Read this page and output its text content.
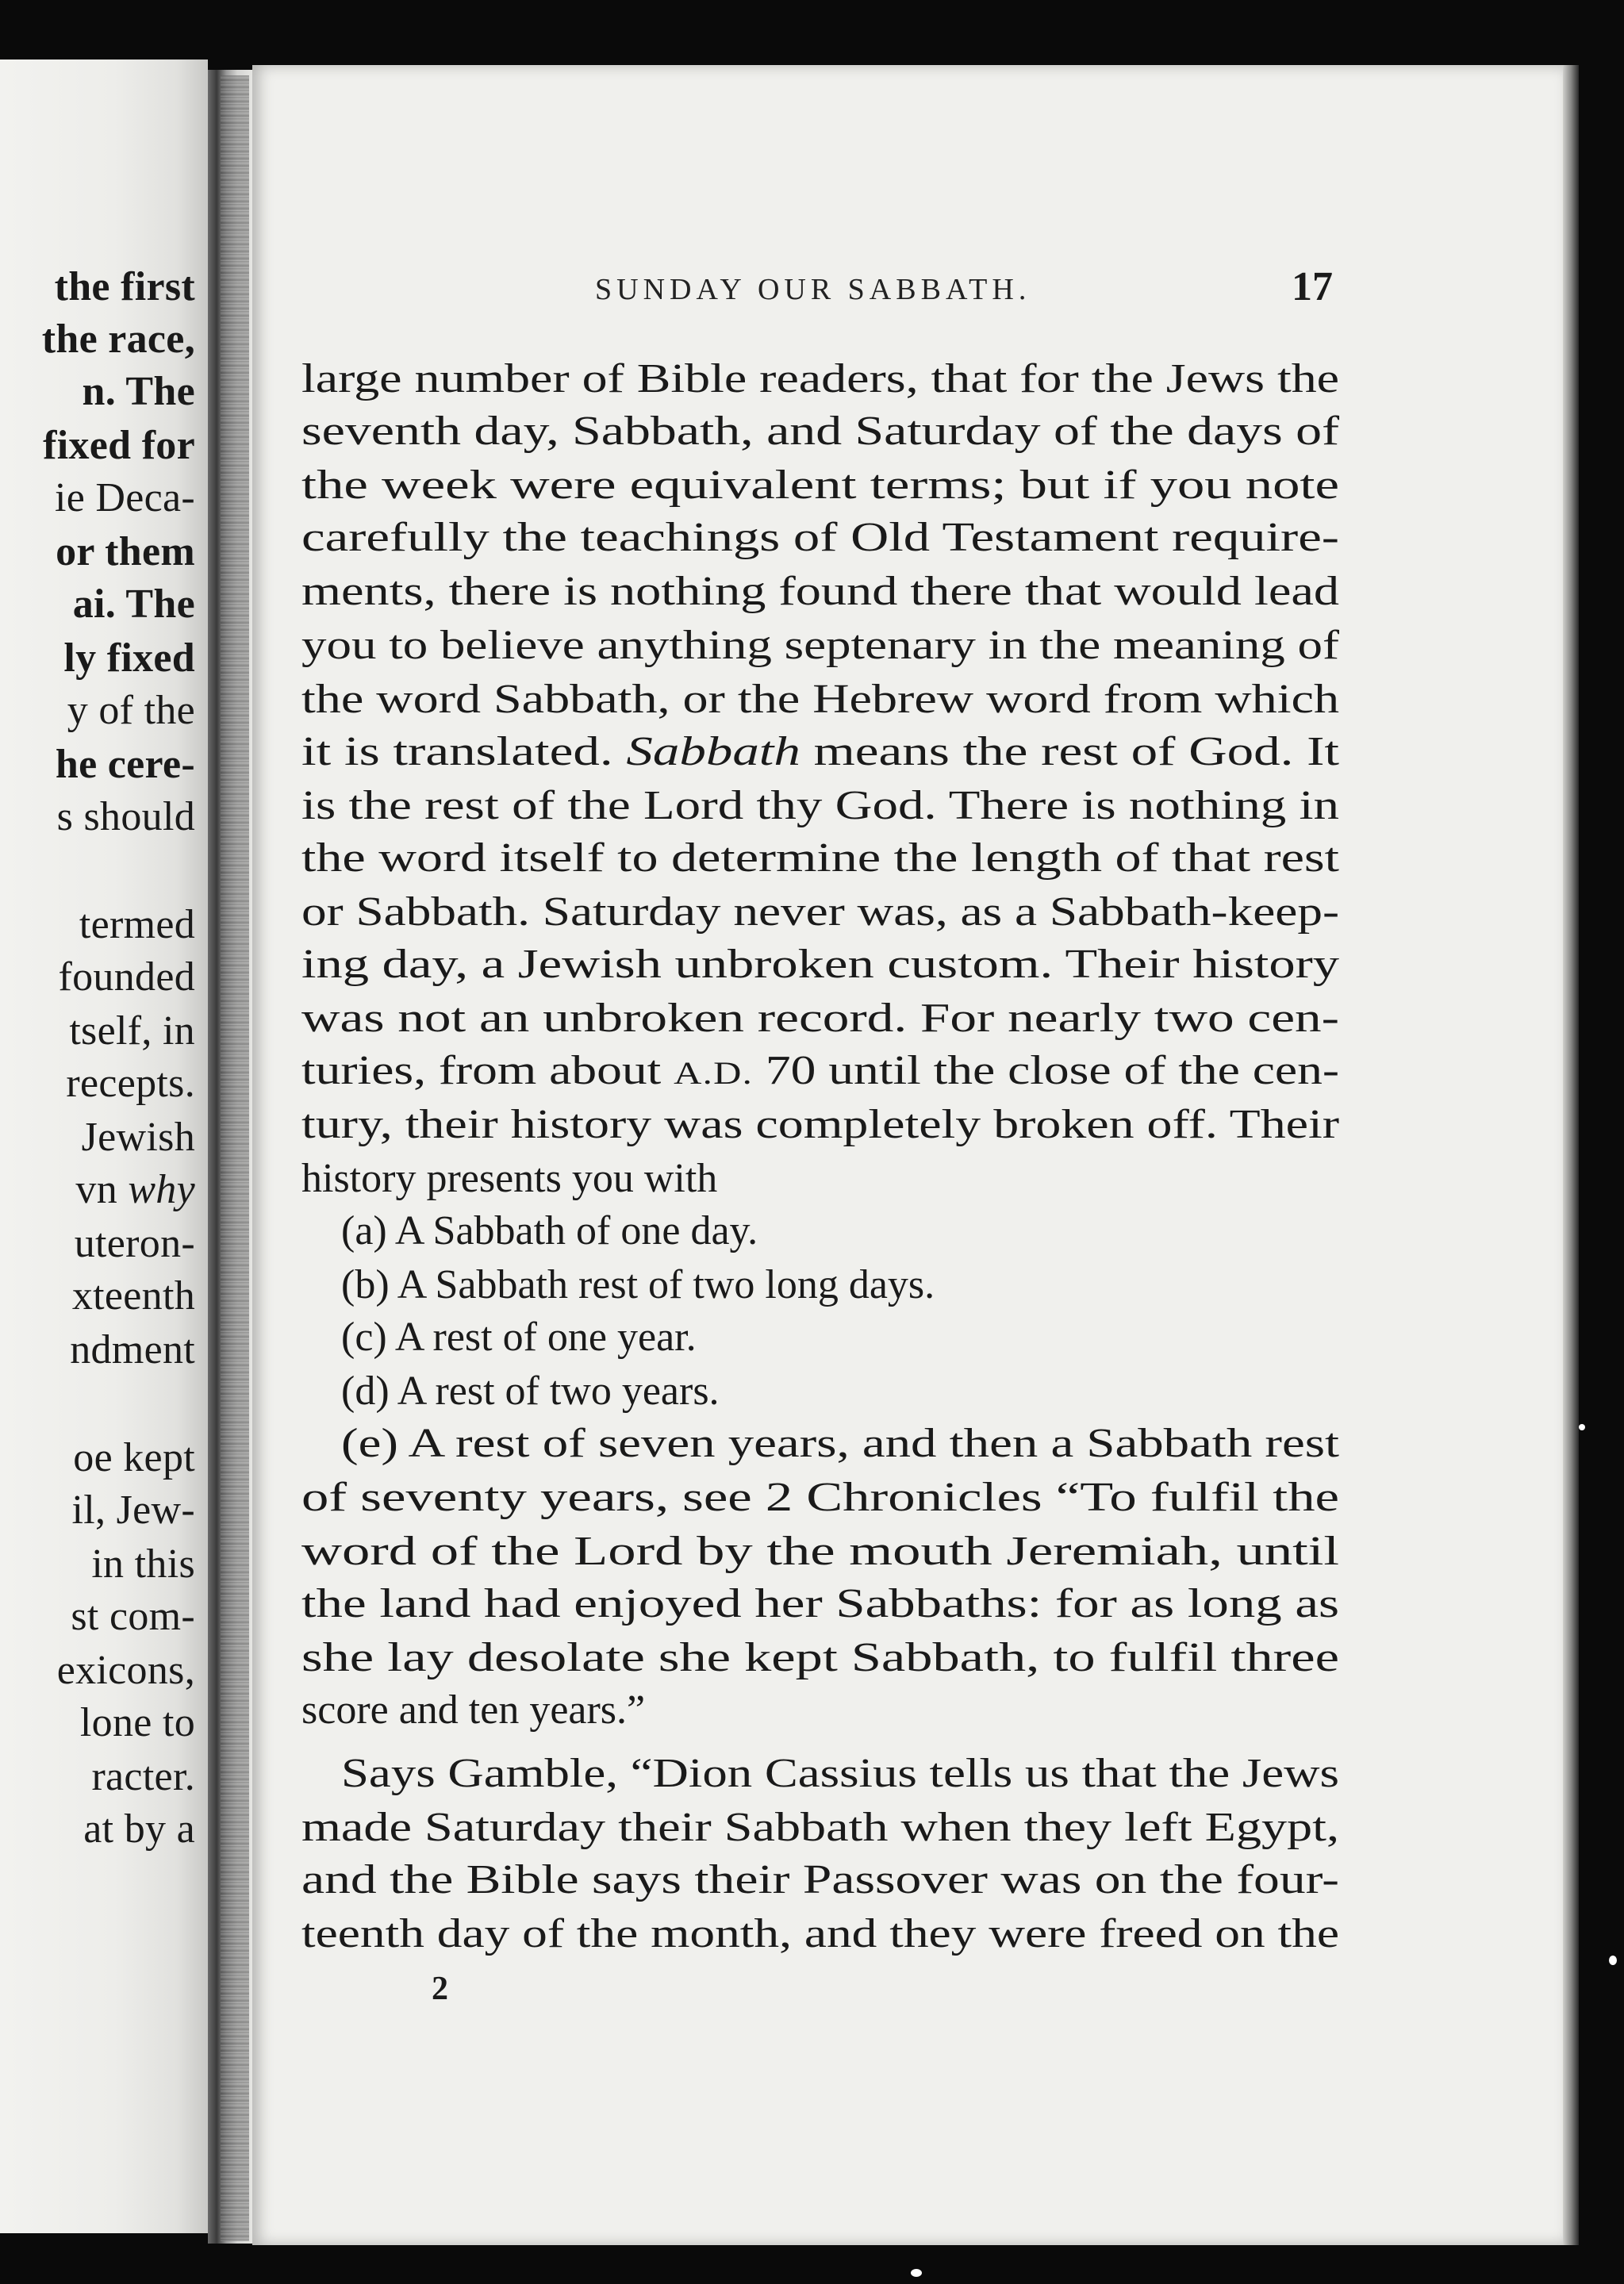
the first
the race,
n. The
fixed for
ie Deca-
or them
ai. The
ly fixed
y of the
he cere-
s should
termed
founded
tself, in
recepts.
Jewish
vn why
uteron-
xteenth
ndment
oe kept
il, Jew-
in this
st com-
exicons,
lone to
racter.
at by a
SUNDAY OUR SABBATH.	17
large number of Bible readers, that for the Jews the
seventh day, Sabbath, and Saturday of the days of
the week were equivalent terms; but if you note
carefully the teachings of Old Testament require-
ments, there is nothing found there that would lead
you to believe anything septenary in the meaning of
the word Sabbath, or the Hebrew word from which
it is translated. Sabbath means the rest of God. It
is the rest of the Lord thy God. There is nothing in
the word itself to determine the length of that rest
or Sabbath. Saturday never was, as a Sabbath-keep-
ing day, a Jewish unbroken custom. Their history
was not an unbroken record. For nearly two cen-
turies, from about A.D. 70 until the close of the cen-
tury, their history was completely broken off. Their
history presents you with
(a) A Sabbath of one day.
(b) A Sabbath rest of two long days.
(c) A rest of one year.
(d) A rest of two years.
(e) A rest of seven years, and then a Sabbath rest
of seventy years, see 2 Chronicles “To fulfil the
word of the Lord by the mouth Jeremiah, until
the land had enjoyed her Sabbaths: for as long as
she lay desolate she kept Sabbath, to fulfil three
score and ten years.”
Says Gamble, “Dion Cassius tells us that the Jews
made Saturday their Sabbath when they left Egypt,
and the Bible says their Passover was on the four-
teenth day of the month, and they were freed on the
2
